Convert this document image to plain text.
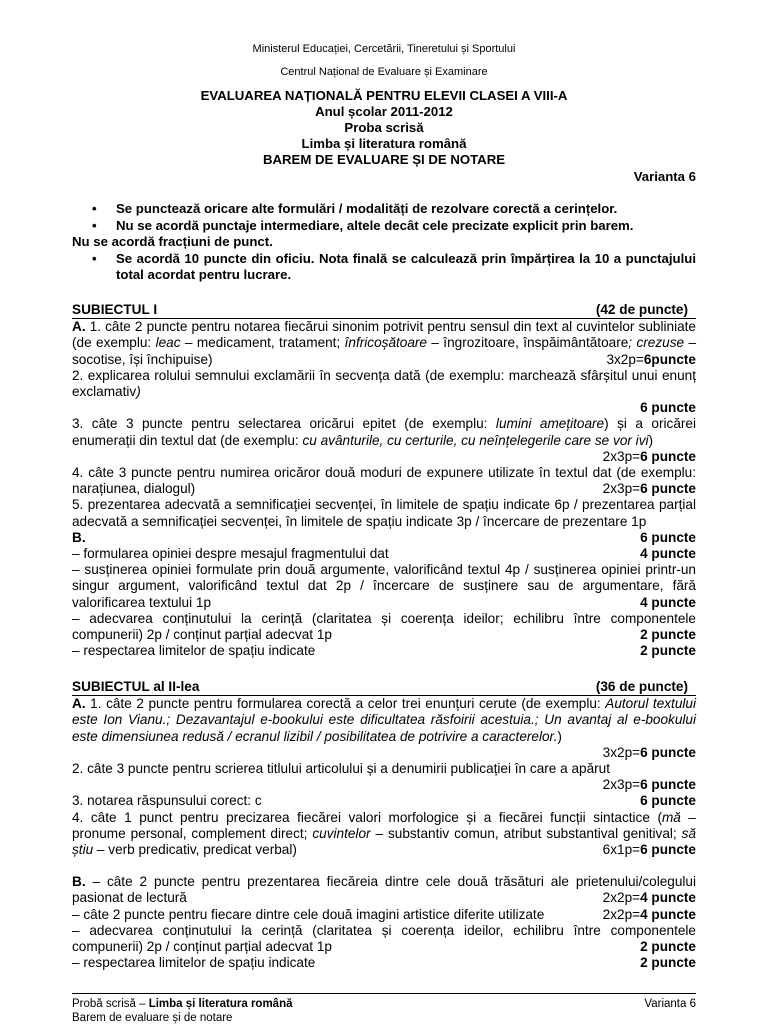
Ministerul Educației, Cercetării, Tineretului și Sportului
Centrul Național de Evaluare și Examinare
EVALUAREA NAȚIONALĂ PENTRU ELEVII CLASEI A VIII-A
Anul școlar 2011-2012
Proba scrisă
Limba și literatura română
BAREM DE EVALUARE ȘI DE NOTARE
Varianta 6
•	Se punctează oricare alte formulări / modalități de rezolvare corectă a cerințelor.
•	Nu se acordă punctaje intermediare, altele decât cele precizate explicit prin barem.
Nu se acordă fracțiuni de punct.
•	Se acordă 10 puncte din oficiu. Nota finală se calculează prin împărțirea la 10 a punctajului total acordat pentru lucrare.
SUBIECTUL I	(42 de puncte)
A. 1. câte 2 puncte pentru notarea fiecărui sinonim potrivit pentru sensul din text al cuvintelor subliniate (de exemplu: leac – medicament, tratament; înfricoșătoare – îngrozitoare, înspăimântătoare; crezuse – socotise, își închipuise)	3x2p=6puncte
2. explicarea rolului semnului exclamării în secvența dată (de exemplu: marchează sfârșitul unui enunț exclamativ)
6 puncte
3. câte 3 puncte pentru selectarea oricărui epitet (de exemplu: lumini amețitoare) și a oricărei enumerații din textul dat (de exemplu: cu avânturile, cu certurile, cu neînțelegerile care se vor ivi)
2x3p=6 puncte
4. câte 3 puncte pentru numirea oricăror două moduri de expunere utilizate în textul dat (de exemplu: narațiunea, dialogul)	2x3p=6 puncte
5. prezentarea adecvată a semnificației secvenței, în limitele de spațiu indicate 6p / prezentarea parțial adecvată a semnificației secvenței, în limitele de spațiu indicate 3p / încercare de prezentare 1p
6 puncte
B.
– formularea opiniei despre mesajul fragmentului dat	4 puncte
– susținerea opiniei formulate prin două argumente, valorificând textul 4p / susținerea opiniei printr-un singur argument, valorificând textul dat 2p / încercare de susținere sau de argumentare, fără valorificarea textului 1p	4 puncte
– adecvarea conținutului la cerință (claritatea și coerența ideilor; echilibru între componentele compunerii) 2p / conținut parțial adecvat 1p	2 puncte
– respectarea limitelor de spațiu indicate	2 puncte
SUBIECTUL al II-lea	(36 de puncte)
A. 1. câte 2 puncte pentru formularea corectă a celor trei enunțuri cerute (de exemplu: Autorul textului este Ion Vianu.; Dezavantajul e-bookului este dificultatea răsfoirii acestuia.; Un avantaj al e-bookului este dimensiunea redusă / ecranul lizibil / posibilitatea de potrivire a caracterelor.)
3x2p=6 puncte
2. câte 3 puncte pentru scrierea titlului articolului și a denumirii publicației în care a apărut
2x3p=6 puncte
3. notarea răspunsului corect: c	6 puncte
4. câte 1 punct pentru precizarea fiecărei valori morfologice și a fiecărei funcții sintactice (mă – pronume personal, complement direct; cuvintelor – substantiv comun, atribut substantival genitival; să știu – verb predicativ, predicat verbal)	6x1p=6 puncte
B. – câte 2 puncte pentru prezentarea fiecăreia dintre cele două trăsături ale prietenului/colegului pasionat de lectură	2x2p=4 puncte
– câte 2 puncte pentru fiecare dintre cele două imagini artistice diferite utilizate	2x2p=4 puncte
– adecvarea conținutului la cerință (claritatea și coerența ideilor, echilibru între componentele compunerii) 2p / conținut parțial adecvat 1p	2 puncte
– respectarea limitelor de spațiu indicate	2 puncte
Probă scrisă – Limba și literatura română	Varianta 6
Barem de evaluare și de notare
